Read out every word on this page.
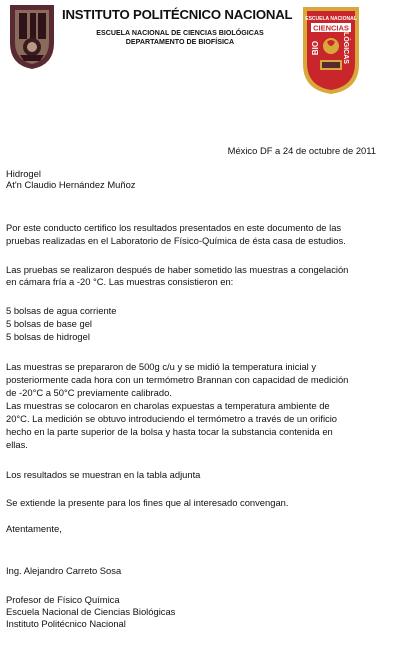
INSTITUTO POLITÉCNICO NACIONAL
ESCUELA NACIONAL DE CIENCIAS BIOLÓGICAS
DEPARTAMENTO DE BIOFÍSICA
ESCUELA NACIONAL
CIENCIAS
BIO	LÓGICAS
México DF a 24 de octubre de 2011
Hidrogel
At'n Claudio Hernández Muñoz
Por este conducto certifico los resultados presentados en este documento de las
pruebas realizadas en el Laboratorio de Físico-Química de ésta casa de estudios.
Las pruebas se realizaron después de haber sometido las muestras a congelación
en cámara fría a -20 °C. Las muestras consistieron en:
5 bolsas de agua corriente
5 bolsas de base gel
5 bolsas de hidrogel
Las muestras se prepararon de 500g c/u y se midió la temperatura inicial y
posteriormente cada hora con un termómetro Brannan con capacidad de medición
de -20°C a 50°C previamente calibrado.
Las muestras se colocaron en charolas expuestas a temperatura ambiente de
20°C. La medición se obtuvo introduciendo el termómetro a través de un orificio
hecho en la parte superior de la bolsa y hasta tocar la substancia contenida en
ellas.
Los resultados se muestran en la tabla adjunta
Se extiende la presente para los fines que al interesado convengan.
Atentamente,
Ing. Alejandro Carreto Sosa
Profesor de Físico Química
Escuela Nacional de Ciencias Biológicas
Instituto Politécnico Nacional
